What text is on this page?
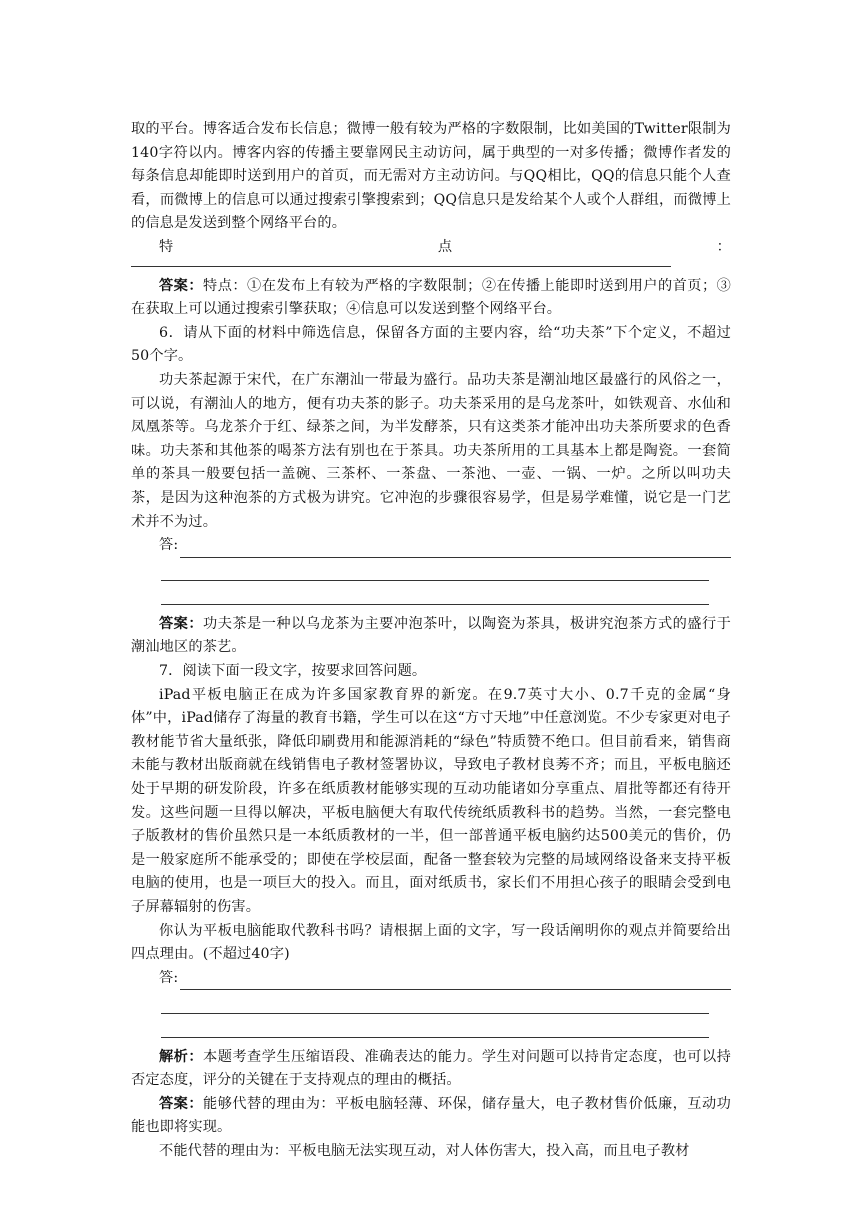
取的平台。博客适合发布长信息；微博一般有较为严格的字数限制，比如美国的Twitter限制为140字符以内。博客内容的传播主要靠网民主动访问，属于典型的一对多传播；微博作者发的每条信息却能即时送到用户的首页，而无需对方主动访问。与QQ相比，QQ的信息只能个人查看，而微博上的信息可以通过搜索引擎搜索到；QQ信息只是发给某个人或个人群组，而微博上的信息是发送到整个网络平台的。

特	点	：

答案：特点：①在发布上有较为严格的字数限制；②在传播上能即时送到用户的首页；③在获取上可以通过搜索引擎获取；④信息可以发送到整个网络平台。

6．请从下面的材料中筛选信息，保留各方面的主要内容，给“功夫茶”下个定义，不超过50个字。

功夫茶起源于宋代，在广东潮汕一带最为盛行。品功夫茶是潮汕地区最盛行的风俗之一，可以说，有潮汕人的地方，便有功夫茶的影子。功夫茶采用的是乌龙茶叶，如铁观音、水仙和凤凰茶等。乌龙茶介于红、绿茶之间，为半发酵茶，只有这类茶才能冲出功夫茶所要求的色香味。功夫茶和其他茶的喝茶方法有别也在于茶具。功夫茶所用的工具基本上都是陶瓷。一套简单的茶具一般要包括一盖碗、三茶杯、一茶盘、一茶池、一壶、一锅、一炉。之所以叫功夫茶，是因为这种泡茶的方式极为讲究。它冲泡的步骤很容易学，但是易学难懂，说它是一门艺术并不为过。

答:

答案：功夫茶是一种以乌龙茶为主要冲泡茶叶，以陶瓷为茶具，极讲究泡茶方式的盛行于潮汕地区的茶艺。

7．阅读下面一段文字，按要求回答问题。

iPad平板电脑正在成为许多国家教育界的新宠。在9.7英寸大小、0.7千克的金属“身体”中，iPad储存了海量的教育书籍，学生可以在这“方寸天地”中任意浏览。不少专家更对电子教材能节省大量纸张，降低印刷费用和能源消耗的“绿色”特质赞不绝口。但目前看来，销售商未能与教材出版商就在线销售电子教材签署协议，导致电子教材良莠不齐；而且，平板电脑还处于早期的研发阶段，许多在纸质教材能够实现的互动功能诸如分享重点、眉批等都还有待开发。这些问题一旦得以解决，平板电脑便大有取代传统纸质教科书的趋势。当然，一套完整电子版教材的售价虽然只是一本纸质教材的一半，但一部普通平板电脑约达500美元的售价，仍是一般家庭所不能承受的；即使在学校层面，配备一整套较为完整的局域网络设备来支持平板电脑的使用，也是一项巨大的投入。而且，面对纸质书，家长们不用担心孩子的眼睛会受到电子屏幕辐射的伤害。

你认为平板电脑能取代教科书吗？请根据上面的文字，写一段话阐明你的观点并简要给出四点理由。(不超过40字)

答:

解析：本题考查学生压缩语段、准确表达的能力。学生对问题可以持肯定态度，也可以持否定态度，评分的关键在于支持观点的理由的概括。

答案：能够代替的理由为：平板电脑轻薄、环保，储存量大，电子教材售价低廉，互动功能也即将实现。

不能代替的理由为：平板电脑无法实现互动，对人体伤害大，投入高，而且电子教材
